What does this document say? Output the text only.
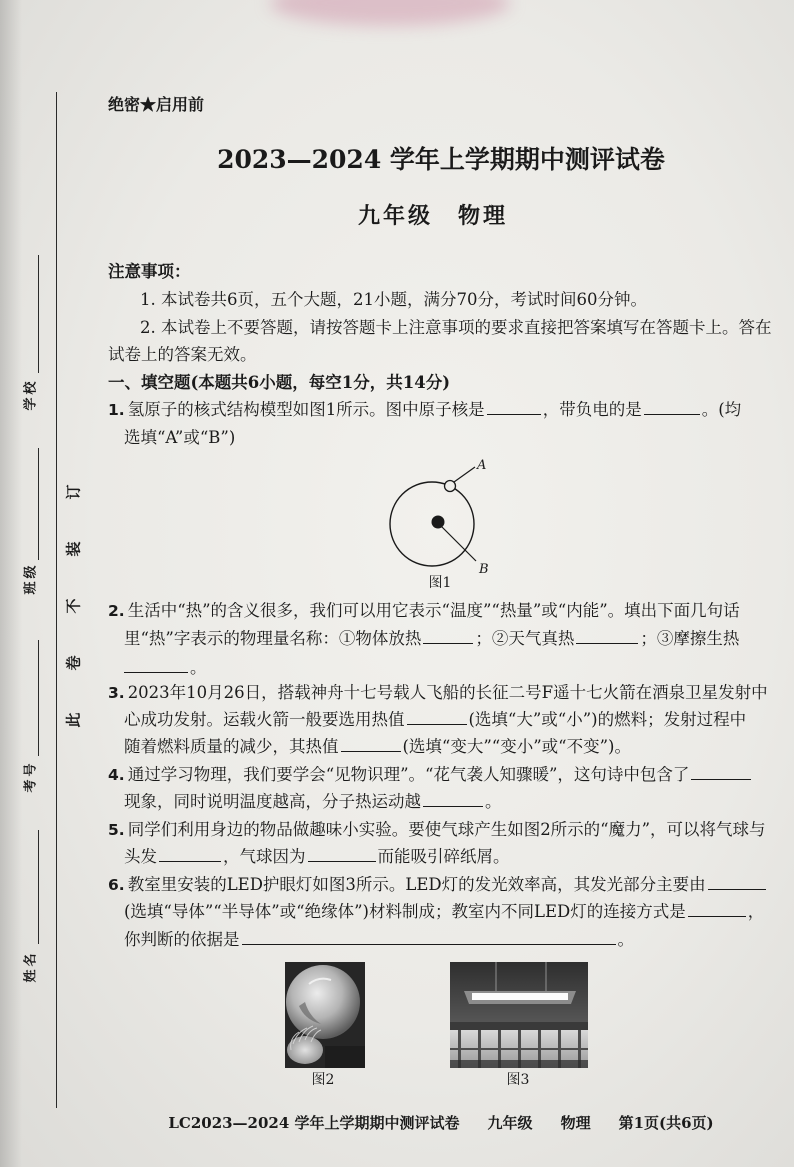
此卷不装订
学校
班级
考号
姓名
绝密★启用前
2023—2024 学年上学期期中测评试卷
九年级　物理
注意事项：
1. 本试卷共6页，五个大题，21小题，满分70分，考试时间60分钟。
2. 本试卷上不要答题，请按答题卡上注意事项的要求直接把答案填写在答题卡上。答在
试卷上的答案无效。
一、填空题(本题共6小题，每空1分，共14分)
1. 氢原子的核式结构模型如图1所示。图中原子核是	，带负电的是	。(均
选填“A”或“B”)
A
B
图1
2. 生活中“热”的含义很多，我们可以用它表示“温度”“热量”或“内能”。填出下面几句话
里“热”字表示的物理量名称：①物体放热	；②天气真热	；③摩擦生热
。
3. 2023年10月26日，搭载神舟十七号载人飞船的长征二号F遥十七火箭在酒泉卫星发射中
心成功发射。运载火箭一般要选用热值	(选填“大”或“小”)的燃料；发射过程中
随着燃料质量的减少，其热值	(选填“变大”“变小”或“不变”)。
4. 通过学习物理，我们要学会“见物识理”。“花气袭人知骤暖”，这句诗中包含了
现象，同时说明温度越高，分子热运动越	。
5. 同学们利用身边的物品做趣味小实验。要使气球产生如图2所示的“魔力”，可以将气球与
头发	，气球因为	而能吸引碎纸屑。
6. 教室里安装的LED护眼灯如图3所示。LED灯的发光效率高，其发光部分主要由
(选填“导体”“半导体”或“绝缘体”)材料制成；教室内不同LED灯的连接方式是	，
你判断的依据是	。
图2	图3
LC2023—2024 学年上学期期中测评试卷 九年级 物理 第1页(共6页)
